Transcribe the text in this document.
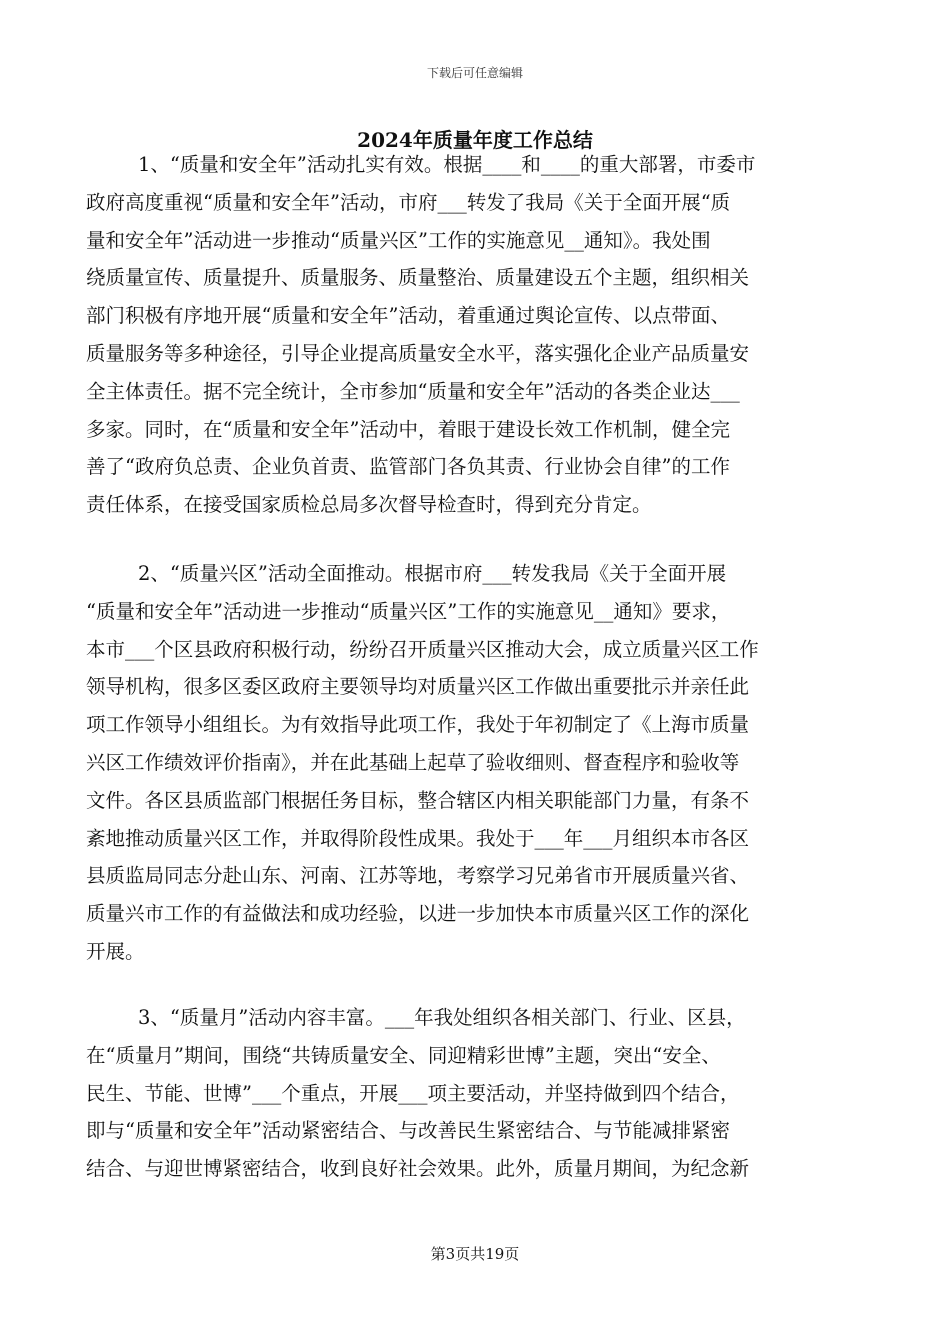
下载后可任意编辑
2024年质量年度工作总结

1、“质量和安全年”活动扎实有效。根据____和____的重大部署，市委市
政府高度重视“质量和安全年”活动，市府___转发了我局《关于全面开展“质
量和安全年”活动进一步推动“质量兴区”工作的实施意见__通知》。我处围
绕质量宣传、质量提升、质量服务、质量整治、质量建设五个主题，组织相关
部门积极有序地开展“质量和安全年”活动，着重通过舆论宣传、以点带面、
质量服务等多种途径，引导企业提高质量安全水平，落实强化企业产品质量安
全主体责任。据不完全统计，全市参加“质量和安全年”活动的各类企业达___
多家。同时，在“质量和安全年”活动中，着眼于建设长效工作机制，健全完
善了“政府负总责、企业负首责、监管部门各负其责、行业协会自律”的工作
责任体系，在接受国家质检总局多次督导检查时，得到充分肯定。

2、“质量兴区”活动全面推动。根据市府___转发我局《关于全面开展
“质量和安全年”活动进一步推动“质量兴区”工作的实施意见__通知》要求，
本市___个区县政府积极行动，纷纷召开质量兴区推动大会，成立质量兴区工作
领导机构，很多区委区政府主要领导均对质量兴区工作做出重要批示并亲任此
项工作领导小组组长。为有效指导此项工作，我处于年初制定了《上海市质量
兴区工作绩效评价指南》，并在此基础上起草了验收细则、督查程序和验收等
文件。各区县质监部门根据任务目标，整合辖区内相关职能部门力量，有条不
紊地推动质量兴区工作，并取得阶段性成果。我处于___年___月组织本市各区
县质监局同志分赴山东、河南、江苏等地，考察学习兄弟省市开展质量兴省、
质量兴市工作的有益做法和成功经验，以进一步加快本市质量兴区工作的深化
开展。

3、“质量月”活动内容丰富。___年我处组织各相关部门、行业、区县，
在“质量月”期间，围绕“共铸质量安全、同迎精彩世博”主题，突出“安全、
民生、节能、世博”___个重点，开展___项主要活动，并坚持做到四个结合，
即与“质量和安全年”活动紧密结合、与改善民生紧密结合、与节能减排紧密
结合、与迎世博紧密结合，收到良好社会效果。此外，质量月期间，为纪念新

第3页共19页
